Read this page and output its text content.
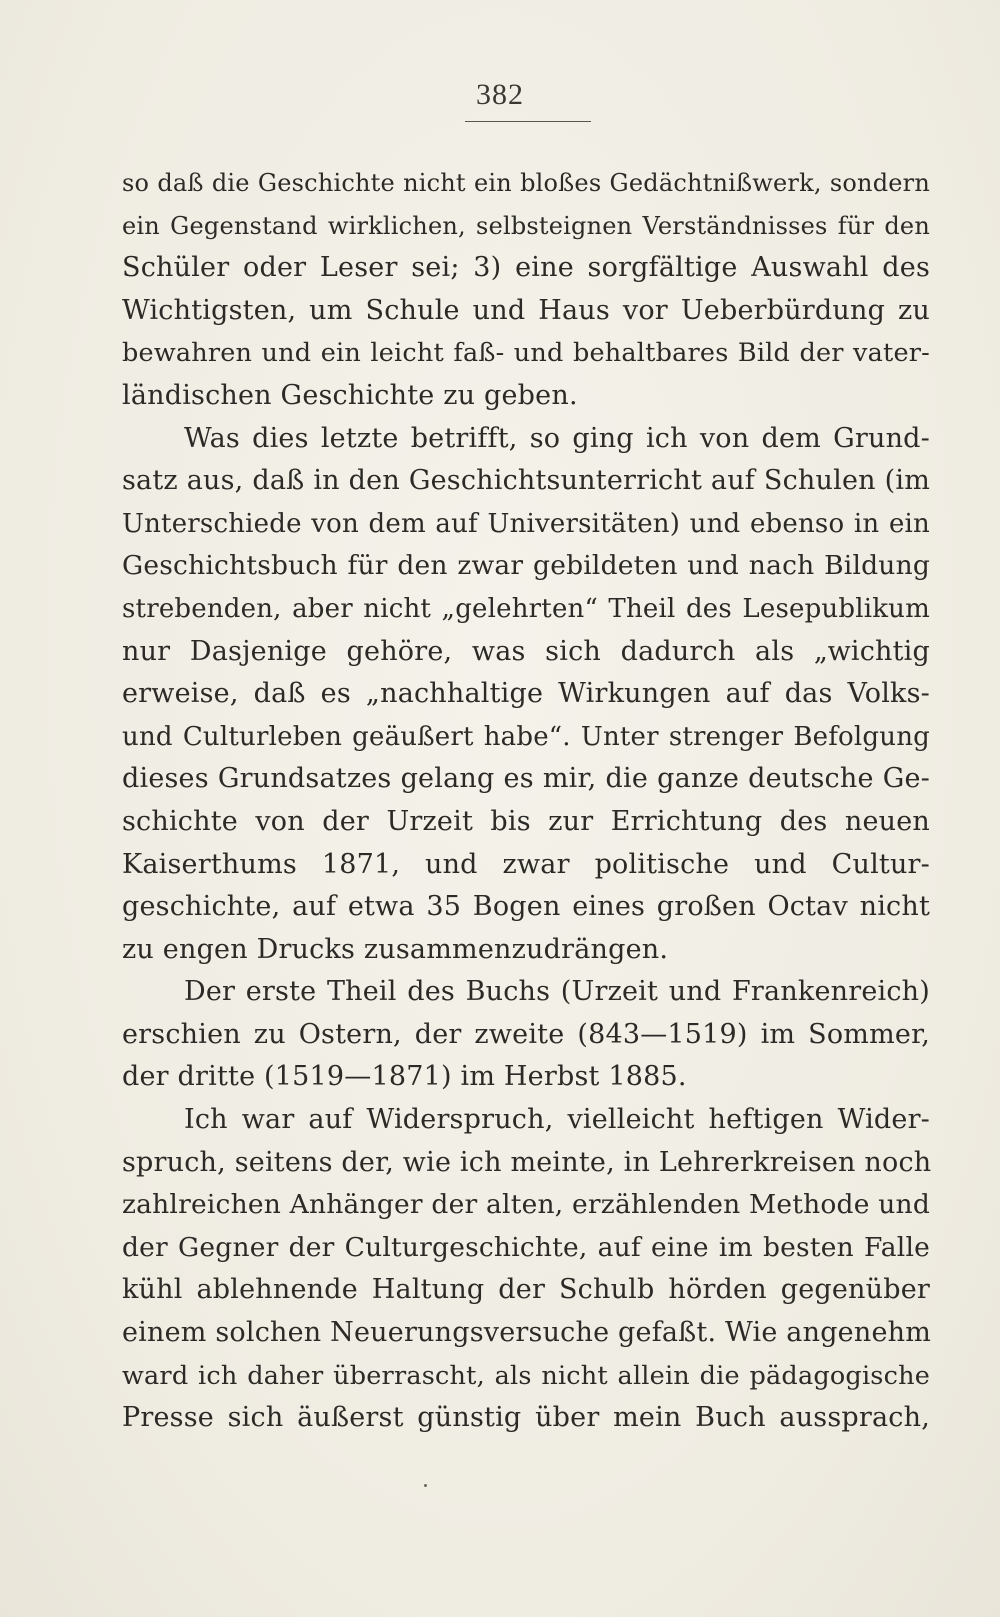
382
so daß die Geschichte nicht ein bloßes Gedächtnißwerk, sondern
ein Gegenstand wirklichen, selbsteignen Verständnisses für den
Schüler oder Leser sei; 3) eine sorgfältige Auswahl des
Wichtigsten, um Schule und Haus vor Ueberbürdung zu
bewahren und ein leicht faß- und behaltbares Bild der vater-
ländischen Geschichte zu geben.
Was dies letzte betrifft, so ging ich von dem Grund-
satz aus, daß in den Geschichtsunterricht auf Schulen (im
Unterschiede von dem auf Universitäten) und ebenso in ein
Geschichtsbuch für den zwar gebildeten und nach Bildung
strebenden, aber nicht „gelehrten“ Theil des Lesepublikum
nur Dasjenige gehöre, was sich dadurch als „wichtig
erweise, daß es „nachhaltige Wirkungen auf das Volks-
und Culturleben geäußert habe“. Unter strenger Befolgung
dieses Grundsatzes gelang es mir, die ganze deutsche Ge-
schichte von der Urzeit bis zur Errichtung des neuen
Kaiserthums 1871, und zwar politische und Cultur-
geschichte, auf etwa 35 Bogen eines großen Octav nicht
zu engen Drucks zusammenzudrängen.
Der erste Theil des Buchs (Urzeit und Frankenreich)
erschien zu Ostern, der zweite (843—1519) im Sommer,
der dritte (1519—1871) im Herbst 1885.
Ich war auf Widerspruch, vielleicht heftigen Wider-
spruch, seitens der, wie ich meinte, in Lehrerkreisen noch
zahlreichen Anhänger der alten, erzählenden Methode und
der Gegner der Culturgeschichte, auf eine im besten Falle
kühl ablehnende Haltung der Schulb hörden gegenüber
einem solchen Neuerungsversuche gefaßt. Wie angenehm
ward ich daher überrascht, als nicht allein die pädagogische
Presse sich äußerst günstig über mein Buch aussprach,
